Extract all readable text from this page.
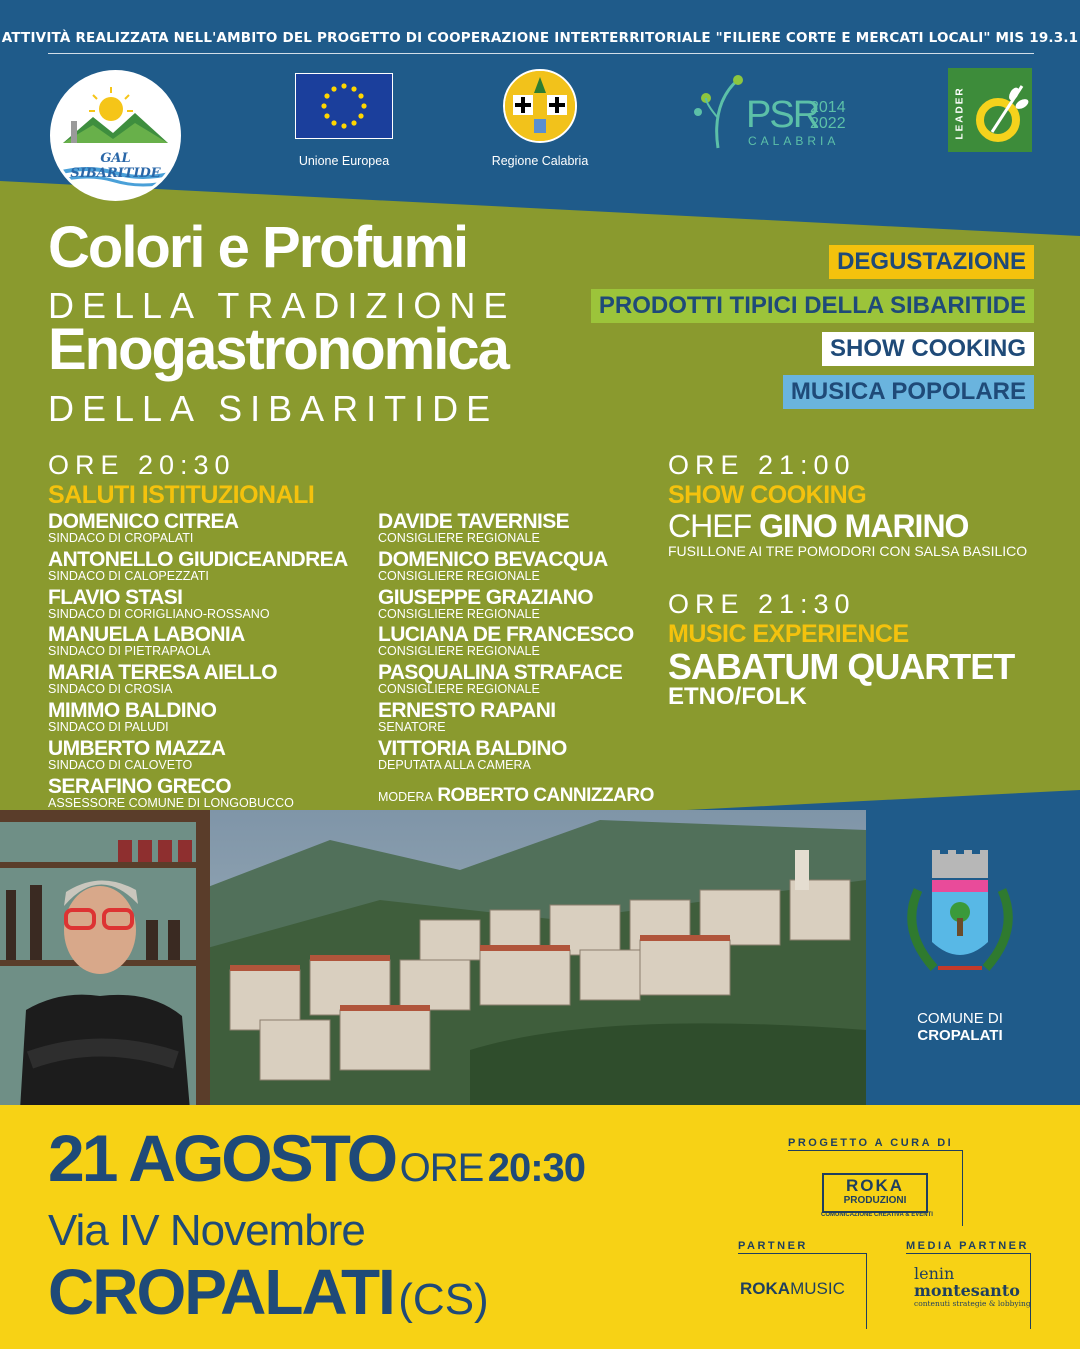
ATTIVITÀ REALIZZATA NELL'AMBITO DEL PROGETTO DI COOPERAZIONE INTERTERRITORIALE "FILIERE CORTE E MERCATI LOCALI" MIS 19.3.1
GAL SIBARITIDE
Unione Europea	Regione Calabria
PSR
2014
2022
CALABRIA
LEADER
Colori e Profumi
DELLA TRADIZIONE
Enogastronomica
DELLA SIBARITIDE
DEGUSTAZIONE
PRODOTTI TIPICI DELLA SIBARITIDE
SHOW COOKING
MUSICA POPOLARE
ORE 20:30
SALUTI ISTITUZIONALI
DOMENICO CITREA
SINDACO DI CROPALATI
ANTONELLO GIUDICEANDREA
SINDACO DI CALOPEZZATI
FLAVIO STASI
SINDACO DI CORIGLIANO-ROSSANO
MANUELA LABONIA
SINDACO DI PIETRAPAOLA
MARIA TERESA AIELLO
SINDACO DI CROSIA
MIMMO BALDINO
SINDACO DI PALUDI
UMBERTO MAZZA
SINDACO DI CALOVETO
SERAFINO GRECO
ASSESSORE COMUNE DI LONGOBUCCO
DAVIDE TAVERNISE
CONSIGLIERE REGIONALE
DOMENICO BEVACQUA
CONSIGLIERE REGIONALE
GIUSEPPE GRAZIANO
CONSIGLIERE REGIONALE
LUCIANA DE FRANCESCO
CONSIGLIERE REGIONALE
PASQUALINA STRAFACE
CONSIGLIERE REGIONALE
ERNESTO RAPANI
SENATORE
VITTORIA BALDINO
DEPUTATA ALLA CAMERA
MODERA ROBERTO CANNIZZARO
ORE 21:00
SHOW COOKING
CHEF GINO MARINO
FUSILLONE AI TRE POMODORI CON SALSA BASILICO
ORE 21:30
MUSIC EXPERIENCE
SABATUM QUARTET
ETNO/FOLK
COMUNE DI
CROPALATI
21 AGOSTO ORE 20:30
Via IV Novembre
CROPALATI (CS)
PROGETTO A CURA DI
ROKA
PRODUZIONI
COMUNICAZIONE CREATIVA & EVENTI
PARTNER
ROKAMUSIC
MEDIA PARTNER
lenin
montesanto
contenuti strategie & lobbying
